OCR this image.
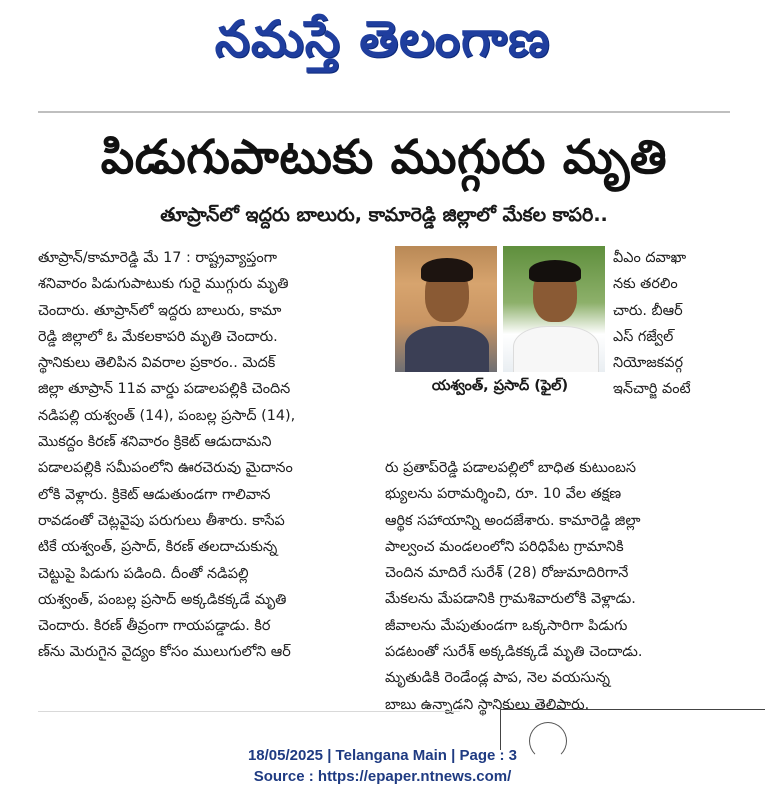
నమస్తే తెలంగాణ
పిడుగుపాటుకు ముగ్గురు మృతి
తూప్రాన్‌లో ఇద్దరు బాలురు, కామారెడ్డి జిల్లాలో మేకల కాపరి..
తూప్రాన్/కామారెడ్డి మే 17 : రాష్ట్రవ్యాప్తంగా
శనివారం పిడుగుపాటుకు గురై ముగ్గురు మృతి
చెందారు. తూప్రాన్‌లో ఇద్దరు బాలురు, కామా
రెడ్డి జిల్లాలో ఓ మేకలకాపరి మృతి చెందారు.
స్థానికులు తెలిపిన వివరాల ప్రకారం.. మెదక్
జిల్లా తూప్రాన్ 11వ వార్డు పడాలపల్లికి చెందిన
నడిపల్లి యశ్వంత్ (14), పంబల్ల ప్రసాద్ (14),
మొకద్దం కిరణ్ శనివారం క్రికెట్ ఆడుదామని
పడాలపల్లికి సమీపంలోని ఊరచెరువు మైదానం
లోకి వెళ్లారు. క్రికెట్ ఆడుతుండగా గాలివాన
రావడంతో చెట్లవైపు పరుగులు తీశారు. కాసేప
టికే యశ్వంత్, ప్రసాద్, కిరణ్ తలదాచుకున్న
చెట్టుపై పిడుగు పడింది. దీంతో నడిపల్లి
యశ్వంత్, పంబల్ల ప్రసాద్ అక్కడికక్కడే మృతి
చెందారు. కిరణ్ తీవ్రంగా గాయపడ్డాడు. కిర
ణ్‌ను మెరుగైన వైద్యం కోసం ములుగులోని ఆర్
యశ్వంత్, ప్రసాద్ (ఫైల్)
వీఎం దవాఖా
నకు తరలిం
చారు. బీఆర్
ఎస్ గజ్వేల్
నియోజకవర్గ
ఇన్‌చార్జి వంటే
రు ప్రతాప్‌రెడ్డి పడాలపల్లిలో బాధిత కుటుంబస
భ్యులను పరామర్శించి, రూ. 10 వేల తక్షణ
ఆర్థిక సహాయాన్ని అందజేశారు. కామారెడ్డి జిల్లా
పాల్వంచ మండలంలోని పరిధిపేట గ్రామానికి
చెందిన మాదిరే సురేశ్ (28) రోజుమాదిరిగానే
మేకలను మేపడానికి గ్రామశివారులోకి వెళ్లాడు.
జీవాలను మేపుతుండగా ఒక్కసారిగా పిడుగు
పడటంతో సురేశ్ అక్కడికక్కడే మృతి చెందాడు.
మృతుడికి రెండేండ్ల పాప, నెల వయసున్న
బాబు ఉన్నాడని స్థానికులు తెలిపారు.
18/05/2025 | Telangana Main | Page : 3
Source : https://epaper.ntnews.com/
